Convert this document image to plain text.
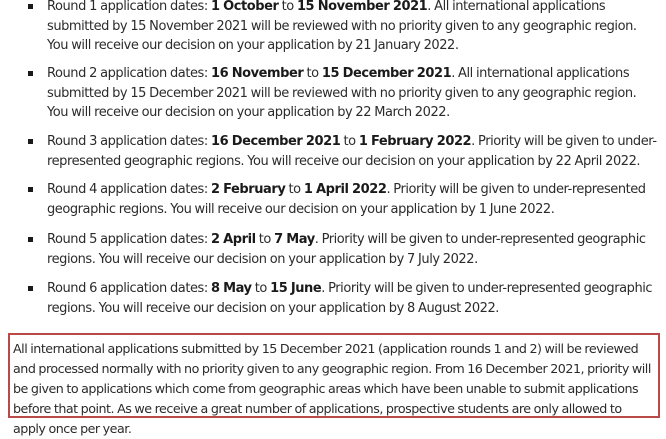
Round 1 application dates: 1 October to 15 November 2021. All international applications submitted by 15 November 2021 will be reviewed with no priority given to any geographic region. You will receive our decision on your application by 21 January 2022.
Round 2 application dates: 16 November to 15 December 2021. All international applications submitted by 15 December 2021 will be reviewed with no priority given to any geographic region. You will receive our decision on your application by 22 March 2022.
Round 3 application dates: 16 December 2021 to 1 February 2022. Priority will be given to under-represented geographic regions. You will receive our decision on your application by 22 April 2022.
Round 4 application dates: 2 February to 1 April 2022. Priority will be given to under-represented geographic regions. You will receive our decision on your application by 1 June 2022.
Round 5 application dates: 2 April to 7 May. Priority will be given to under-represented geographic regions. You will receive our decision on your application by 7 July 2022.
Round 6 application dates: 8 May to 15 June. Priority will be given to under-represented geographic regions. You will receive our decision on your application by 8 August 2022.
All international applications submitted by 15 December 2021 (application rounds 1 and 2) will be reviewed and processed normally with no priority given to any geographic region. From 16 December 2021, priority will be given to applications which come from geographic areas which have been unable to submit applications before that point. As we receive a great number of applications, prospective students are only allowed to apply once per year.
